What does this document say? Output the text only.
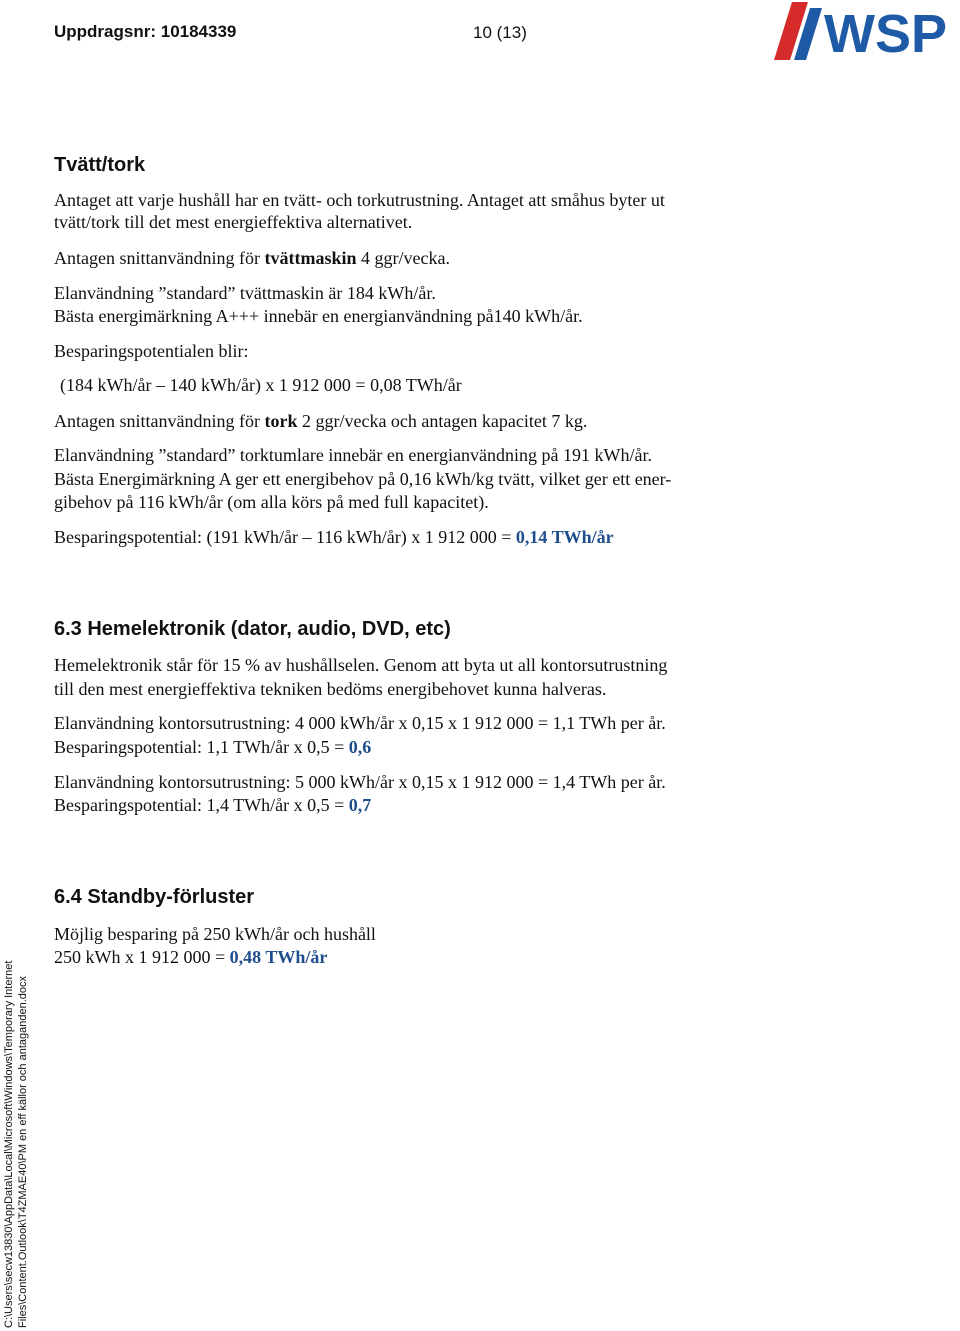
Uppdragsnr: 10184339	10 (13)	WSP
Tvätt/tork
Antaget att varje hushåll har en tvätt- och torkutrustning. Antaget att småhus byter ut
tvätt/tork till det mest energieffektiva alternativet.
Antagen snittanvändning för tvättmaskin 4 ggr/vecka.
Elanvändning ”standard” tvättmaskin är 184 kWh/år.
Bästa energimärkning A+++ innebär en energianvändning på140 kWh/år.
Besparingspotentialen blir:
(184 kWh/år – 140 kWh/år) x 1 912 000 = 0,08 TWh/år
Antagen snittanvändning för tork 2 ggr/vecka och antagen kapacitet 7 kg.
Elanvändning ”standard” torktumlare innebär en energianvändning på 191 kWh/år.
Bästa Energimärkning A ger ett energibehov på 0,16 kWh/kg tvätt, vilket ger ett ener-
gibehov på 116 kWh/år (om alla körs på med full kapacitet).
Besparingspotential: (191 kWh/år – 116 kWh/år) x 1 912 000 = 0,14 TWh/år
6.3 Hemelektronik (dator, audio, DVD, etc)
Hemelektronik står för 15 % av hushållselen. Genom att byta ut all kontorsutrustning
till den mest energieffektiva tekniken bedöms energibehovet kunna halveras.
Elanvändning kontorsutrustning: 4 000 kWh/år x 0,15 x 1 912 000 = 1,1 TWh per år.
Besparingspotential: 1,1 TWh/år x 0,5 = 0,6
Elanvändning kontorsutrustning: 5 000 kWh/år x 0,15 x 1 912 000 = 1,4 TWh per år.
Besparingspotential: 1,4 TWh/år x 0,5 = 0,7
6.4 Standby-förluster
Möjlig besparing på 250 kWh/år och hushåll
250 kWh x 1 912 000 = 0,48 TWh/år
C:\Users\secw13830\AppData\Local\Microsoft\Windows\Temporary Internet Files\Content.Outlook\T4ZMAE40\PM en eff källor och antaganden.docx
